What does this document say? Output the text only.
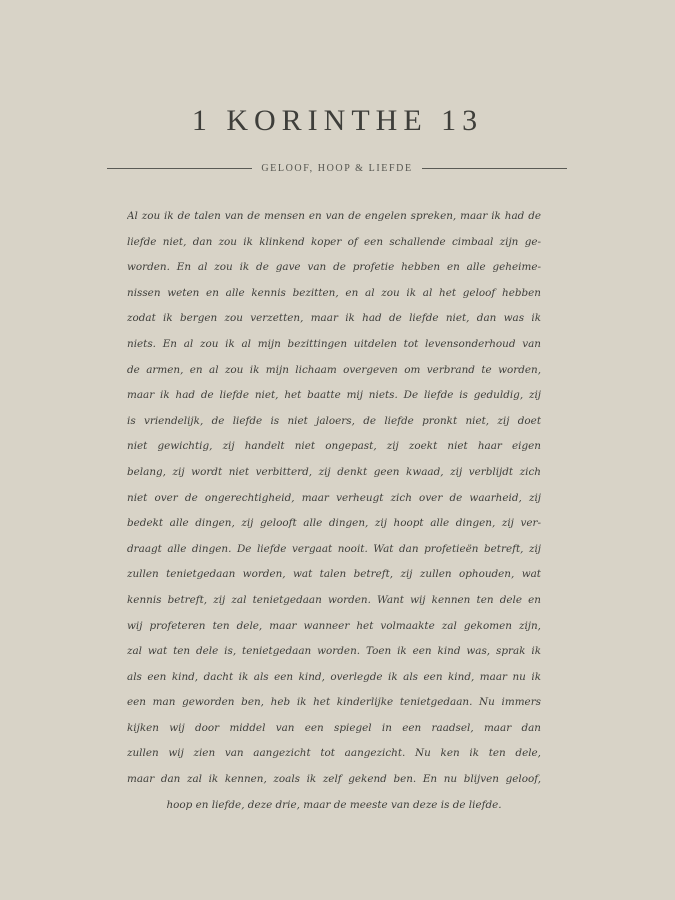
1 KORINTHE 13
GELOOF, HOOP & LIEFDE
Al zou ik de talen van de mensen en van de engelen spreken, maar ik had de
liefde niet, dan zou ik klinkend koper of een schallende cimbaal zijn ge-
worden. En al zou ik de gave van de profetie hebben en alle geheime-
nissen weten en alle kennis bezitten, en al zou ik al het geloof hebben
zodat ik bergen zou verzetten, maar ik had de liefde niet, dan was ik
niets. En al zou ik al mijn bezittingen uitdelen tot levensonderhoud van
de armen, en al zou ik mijn lichaam overgeven om verbrand te worden,
maar ik had de liefde niet, het baatte mij niets. De liefde is geduldig, zij
is vriendelijk, de liefde is niet jaloers, de liefde pronkt niet, zij doet
niet gewichtig, zij handelt niet ongepast, zij zoekt niet haar eigen
belang, zij wordt niet verbitterd, zij denkt geen kwaad, zij verblijdt zich
niet over de ongerechtigheid, maar verheugt zich over de waarheid, zij
bedekt alle dingen, zij gelooft alle dingen, zij hoopt alle dingen, zij ver-
draagt alle dingen. De liefde vergaat nooit. Wat dan profetieën betreft, zij
zullen tenietgedaan worden, wat talen betreft, zij zullen ophouden, wat
kennis betreft, zij zal tenietgedaan worden. Want wij kennen ten dele en
wij profeteren ten dele, maar wanneer het volmaakte zal gekomen zijn,
zal wat ten dele is, tenietgedaan worden. Toen ik een kind was, sprak ik
als een kind, dacht ik als een kind, overlegde ik als een kind, maar nu ik
een man geworden ben, heb ik het kinderlijke tenietgedaan. Nu immers
kijken wij door middel van een spiegel in een raadsel, maar dan
zullen wij zien van aangezicht tot aangezicht. Nu ken ik ten dele,
maar dan zal ik kennen, zoals ik zelf gekend ben. En nu blijven geloof,
hoop en liefde, deze drie, maar de meeste van deze is de liefde.
